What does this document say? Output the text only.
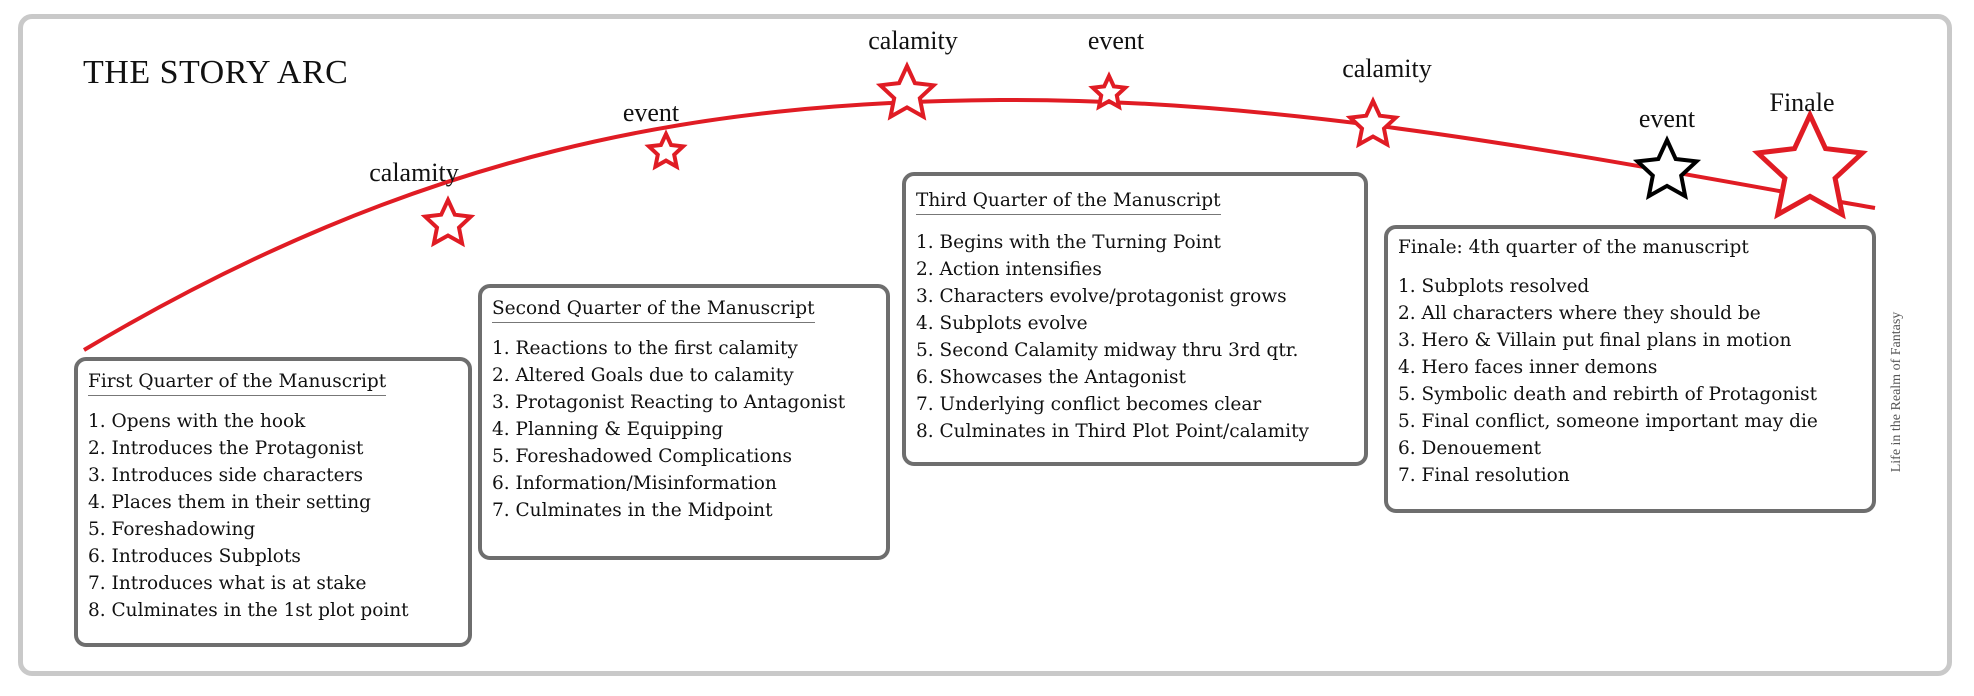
THE STORY ARC
calamity
event
calamity	event
calamity
event
Finale
First Quarter of the Manuscript
1. Opens with the hook
2. Introduces the Protagonist
3. Introduces side characters
4. Places them in their setting
5. Foreshadowing
6. Introduces Subplots
7. Introduces what is at stake
8. Culminates in the 1st plot point
Second Quarter of the Manuscript
1. Reactions to the first calamity
2. Altered Goals due to calamity
3. Protagonist Reacting to Antagonist
4. Planning & Equipping
5. Foreshadowed Complications
6. Information/Misinformation
7. Culminates in the Midpoint
Third Quarter of the Manuscript
1. Begins with the Turning Point
2. Action intensifies
3. Characters evolve/protagonist grows
4. Subplots evolve
5. Second Calamity midway thru 3rd qtr.
6. Showcases the Antagonist
7. Underlying conflict becomes clear
8. Culminates in Third Plot Point/calamity
Finale: 4th quarter of the manuscript
1. Subplots resolved
2. All characters where they should be
3. Hero & Villain put final plans in motion
4. Hero faces inner demons
5. Symbolic death and rebirth of Protagonist
5. Final conflict, someone important may die
6. Denouement
7. Final resolution
Life in the Realm of Fantasy
